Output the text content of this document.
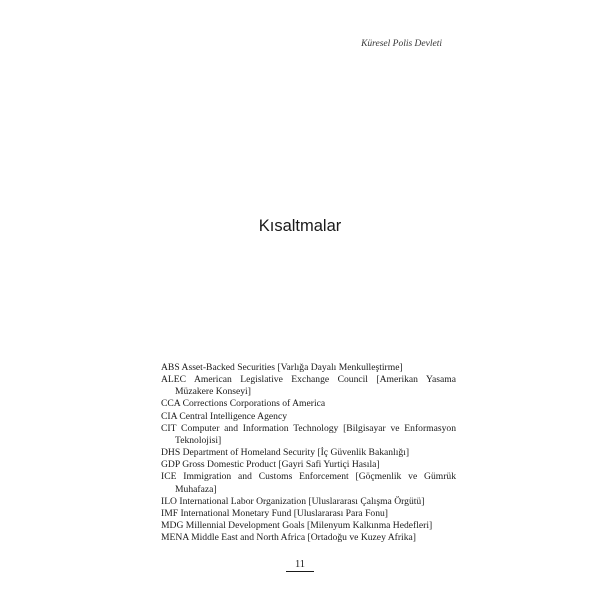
Küresel Polis Devleti
Kısaltmalar
ABS Asset-Backed Securities [Varlığa Dayalı Menkulleştirme]
ALEC American Legislative Exchange Council [Amerikan Yasama Müzakere Konseyi]
CCA Corrections Corporations of America
CIA Central Intelligence Agency
CIT Computer and Information Technology [Bilgisayar ve Enformasyon Teknolojisi]
DHS Department of Homeland Security [İç Güvenlik Bakanlığı]
GDP Gross Domestic Product [Gayri Safi Yurtiçi Hasıla]
ICE Immigration and Customs Enforcement [Göçmenlik ve Gümrük Muhafaza]
ILO International Labor Organization [Uluslararası Çalışma Örgütü]
IMF International Monetary Fund [Uluslararası Para Fonu]
MDG Millennial Development Goals [Milenyum Kalkınma Hedefleri]
MENA Middle East and North Africa [Ortadoğu ve Kuzey Afrika]
11
